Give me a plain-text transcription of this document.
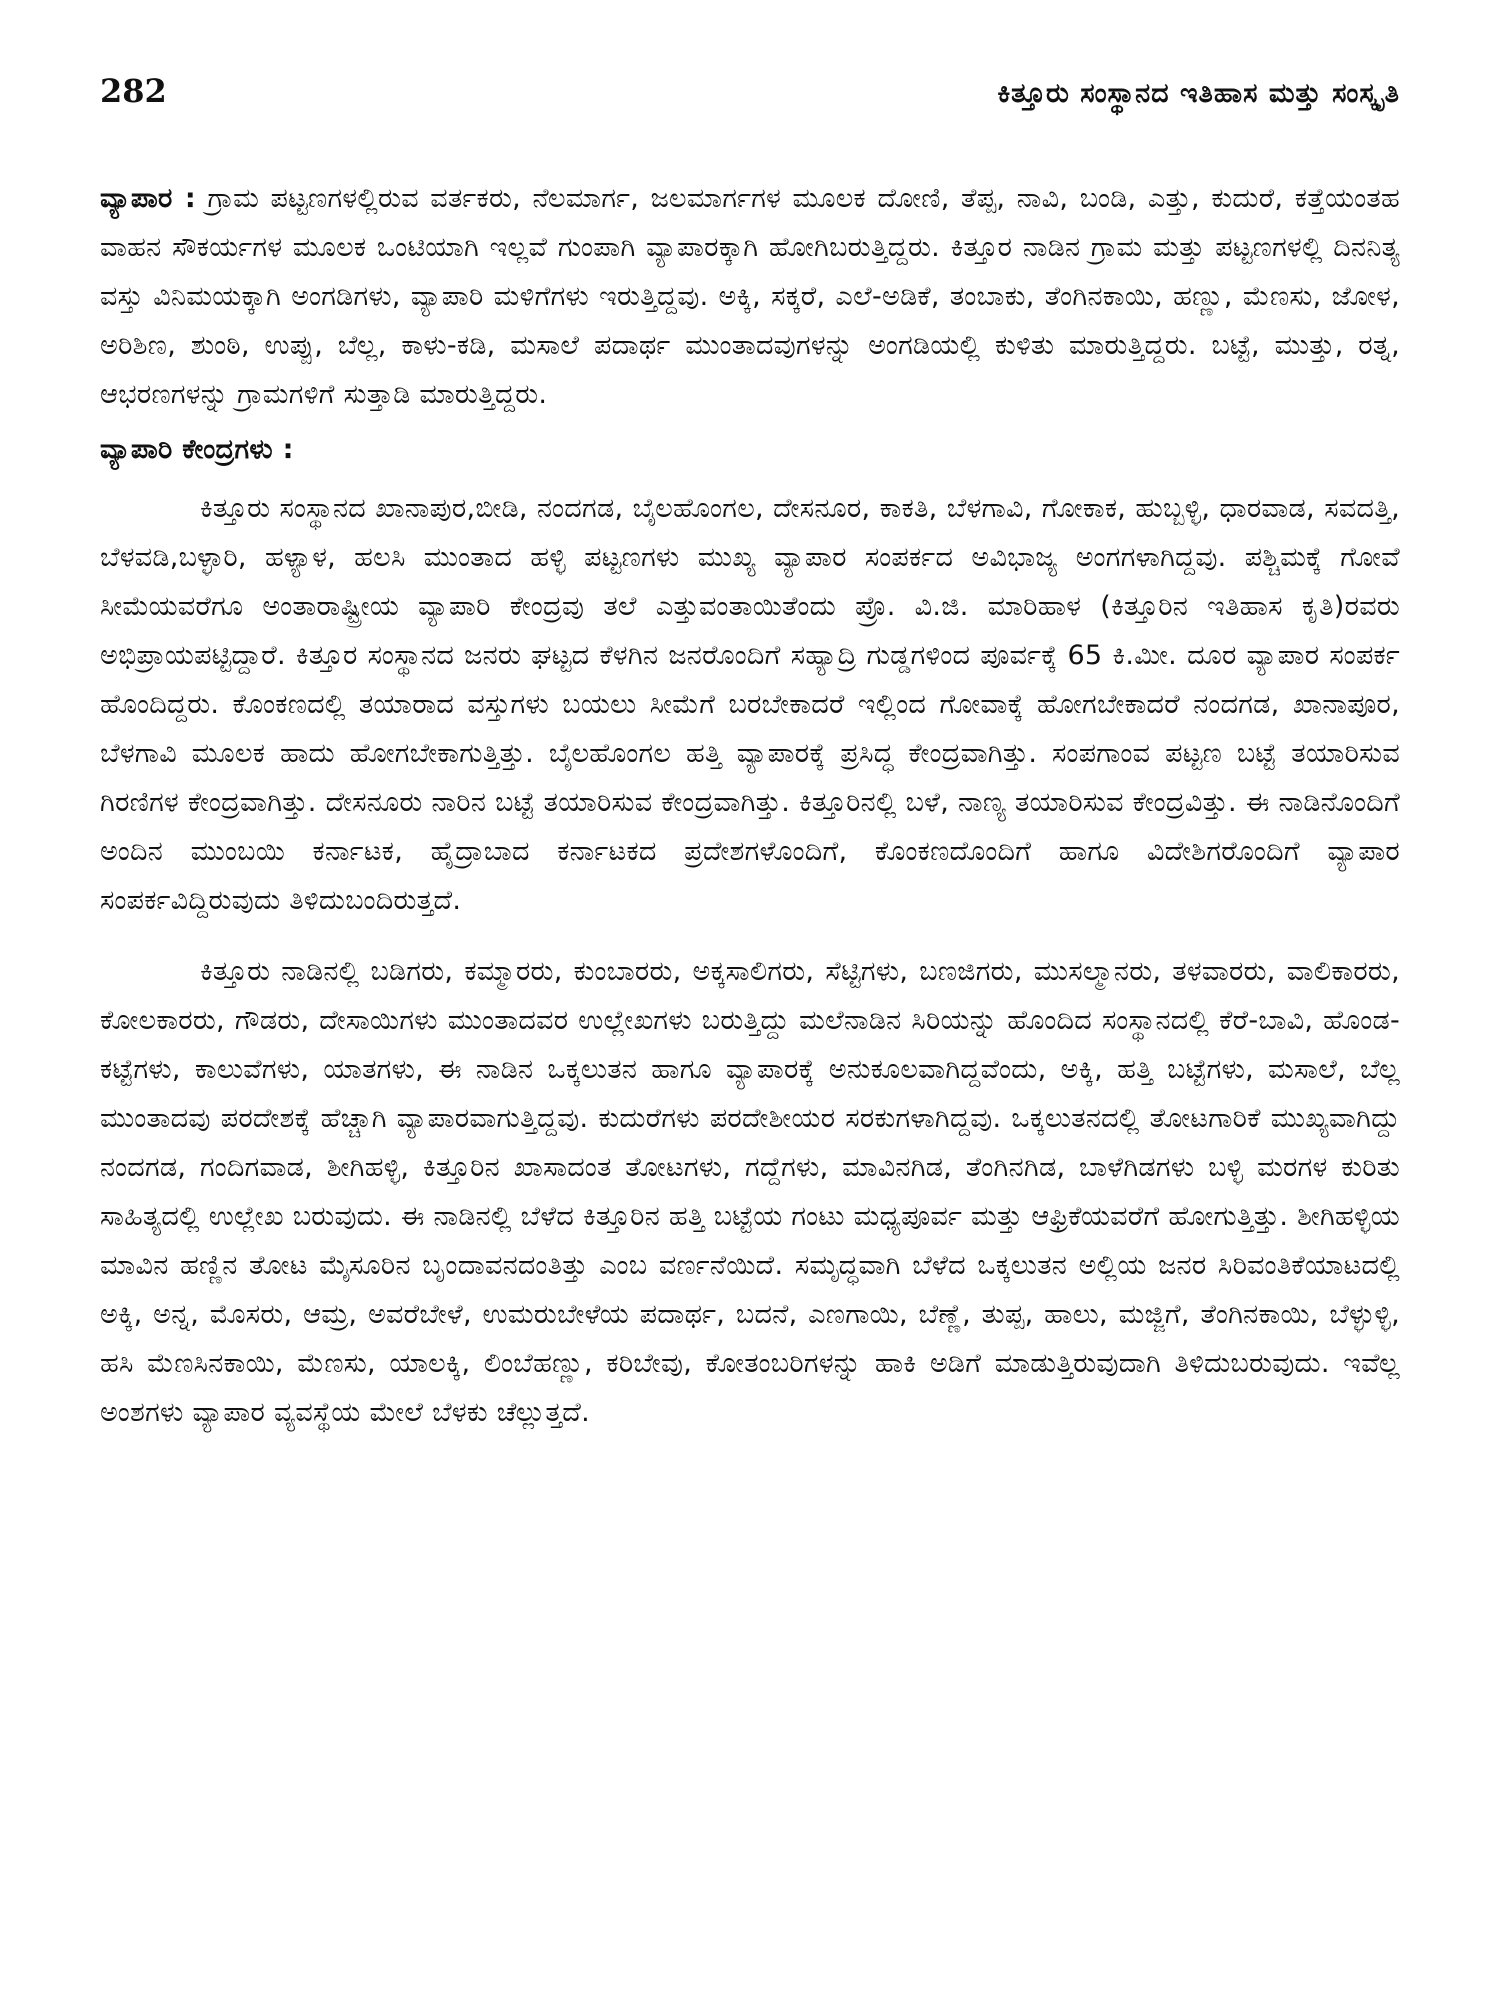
282	ಕಿತ್ತೂರು ಸಂಸ್ಥಾನದ ಇತಿಹಾಸ ಮತ್ತು ಸಂಸ್ಕೃತಿ

ವ್ಯಾಪಾರ : ಗ್ರಾಮ ಪಟ್ಟಣಗಳಲ್ಲಿರುವ ವರ್ತಕರು, ನೆಲಮಾರ್ಗ, ಜಲಮಾರ್ಗಗಳ ಮೂಲಕ ದೋಣಿ, ತೆಪ್ಪ, ನಾವಿ, ಬಂಡಿ, ಎತ್ತು, ಕುದುರೆ, ಕತ್ತೆಯಂತಹ ವಾಹನ ಸೌಕರ್ಯಗಳ ಮೂಲಕ ಒಂಟಿಯಾಗಿ ಇಲ್ಲವೆ ಗುಂಪಾಗಿ ವ್ಯಾಪಾರಕ್ಕಾಗಿ ಹೋಗಿಬರುತ್ತಿದ್ದರು. ಕಿತ್ತೂರ ನಾಡಿನ ಗ್ರಾಮ ಮತ್ತು ಪಟ್ಟಣಗಳಲ್ಲಿ ದಿನನಿತ್ಯ ವಸ್ತು ವಿನಿಮಯಕ್ಕಾಗಿ ಅಂಗಡಿಗಳು, ವ್ಯಾಪಾರಿ ಮಳಿಗೆಗಳು ಇರುತ್ತಿದ್ದವು. ಅಕ್ಕಿ, ಸಕ್ಕರೆ, ಎಲೆ-ಅಡಿಕೆ, ತಂಬಾಕು, ತೆಂಗಿನಕಾಯಿ, ಹಣ್ಣು, ಮೆಣಸು, ಜೋಳ, ಅರಿಶಿಣ, ಶುಂಠಿ, ಉಪ್ಪು, ಬೆಲ್ಲ, ಕಾಳು-ಕಡಿ, ಮಸಾಲೆ ಪದಾರ್ಥ ಮುಂತಾದವುಗಳನ್ನು ಅಂಗಡಿಯಲ್ಲಿ ಕುಳಿತು ಮಾರುತ್ತಿದ್ದರು. ಬಟ್ಟೆ, ಮುತ್ತು, ರತ್ನ, ಆಭರಣಗಳನ್ನು ಗ್ರಾಮಗಳಿಗೆ ಸುತ್ತಾಡಿ ಮಾರುತ್ತಿದ್ದರು.

ವ್ಯಾಪಾರಿ ಕೇಂದ್ರಗಳು :

ಕಿತ್ತೂರು ಸಂಸ್ಥಾನದ ಖಾನಾಪುರ,ಬೀಡಿ, ನಂದಗಡ, ಬೈಲಹೊಂಗಲ, ದೇಸನೂರ, ಕಾಕತಿ, ಬೆಳಗಾವಿ, ಗೋಕಾಕ, ಹುಬ್ಬಳ್ಳಿ, ಧಾರವಾಡ, ಸವದತ್ತಿ, ಬೆಳವಡಿ,ಬಳ್ಳಾರಿ, ಹಳ್ಯಾಳ, ಹಲಸಿ ಮುಂತಾದ ಹಳ್ಳಿ ಪಟ್ಟಣಗಳು ಮುಖ್ಯ ವ್ಯಾಪಾರ ಸಂಪರ್ಕದ ಅವಿಭಾಜ್ಯ ಅಂಗಗಳಾಗಿದ್ದವು. ಪಶ್ಚಿಮಕ್ಕೆ ಗೋವೆ ಸೀಮೆಯವರೆಗೂ ಅಂತಾರಾಷ್ಟ್ರೀಯ ವ್ಯಾಪಾರಿ ಕೇಂದ್ರವು ತಲೆ ಎತ್ತುವಂತಾಯಿತೆಂದು ಪ್ರೊ. ವಿ.ಜಿ. ಮಾರಿಹಾಳ (ಕಿತ್ತೂರಿನ ಇತಿಹಾಸ ಕೃತಿ)ರವರು ಅಭಿಪ್ರಾಯಪಟ್ಟಿದ್ದಾರೆ. ಕಿತ್ತೂರ ಸಂಸ್ಥಾನದ ಜನರು ಘಟ್ಟದ ಕೆಳಗಿನ ಜನರೊಂದಿಗೆ ಸಹ್ಯಾದ್ರಿ ಗುಡ್ಡಗಳಿಂದ ಪೂರ್ವಕ್ಕೆ 65 ಕಿ.ಮೀ. ದೂರ ವ್ಯಾಪಾರ ಸಂಪರ್ಕ ಹೊಂದಿದ್ದರು. ಕೊಂಕಣದಲ್ಲಿ ತಯಾರಾದ ವಸ್ತುಗಳು ಬಯಲು ಸೀಮೆಗೆ ಬರಬೇಕಾದರೆ ಇಲ್ಲಿಂದ ಗೋವಾಕ್ಕೆ ಹೋಗಬೇಕಾದರೆ ನಂದಗಡ, ಖಾನಾಪೂರ, ಬೆಳಗಾವಿ ಮೂಲಕ ಹಾದು ಹೋಗಬೇಕಾಗುತ್ತಿತ್ತು. ಬೈಲಹೊಂಗಲ ಹತ್ತಿ ವ್ಯಾಪಾರಕ್ಕೆ ಪ್ರಸಿದ್ಧ ಕೇಂದ್ರವಾಗಿತ್ತು. ಸಂಪಗಾಂವ ಪಟ್ಟಣ ಬಟ್ಟೆ ತಯಾರಿಸುವ ಗಿರಣಿಗಳ ಕೇಂದ್ರವಾಗಿತ್ತು. ದೇಸನೂರು ನಾರಿನ ಬಟ್ಟೆ ತಯಾರಿಸುವ ಕೇಂದ್ರವಾಗಿತ್ತು. ಕಿತ್ತೂರಿನಲ್ಲಿ ಬಳೆ, ನಾಣ್ಯ ತಯಾರಿಸುವ ಕೇಂದ್ರವಿತ್ತು. ಈ ನಾಡಿನೊಂದಿಗೆ ಅಂದಿನ ಮುಂಬಯಿ ಕರ್ನಾಟಕ, ಹೈದ್ರಾಬಾದ ಕರ್ನಾಟಕದ ಪ್ರದೇಶಗಳೊಂದಿಗೆ, ಕೊಂಕಣದೊಂದಿಗೆ ಹಾಗೂ ವಿದೇಶಿಗರೊಂದಿಗೆ ವ್ಯಾಪಾರ ಸಂಪರ್ಕವಿದ್ದಿರುವುದು ತಿಳಿದುಬಂದಿರುತ್ತದೆ.

ಕಿತ್ತೂರು ನಾಡಿನಲ್ಲಿ ಬಡಿಗರು, ಕಮ್ಮಾರರು, ಕುಂಬಾರರು, ಅಕ್ಕಸಾಲಿಗರು, ಸೆಟ್ಟಿಗಳು, ಬಣಜಿಗರು, ಮುಸಲ್ಮಾನರು, ತಳವಾರರು, ವಾಲಿಕಾರರು, ಕೋಲಕಾರರು, ಗೌಡರು, ದೇಸಾಯಿಗಳು ಮುಂತಾದವರ ಉಲ್ಲೇಖಗಳು ಬರುತ್ತಿದ್ದು ಮಲೆನಾಡಿನ ಸಿರಿಯನ್ನು ಹೊಂದಿದ ಸಂಸ್ಥಾನದಲ್ಲಿ ಕೆರೆ-ಬಾವಿ, ಹೊಂಡ-ಕಟ್ಟೆಗಳು, ಕಾಲುವೆಗಳು, ಯಾತಗಳು, ಈ ನಾಡಿನ ಒಕ್ಕಲುತನ ಹಾಗೂ ವ್ಯಾಪಾರಕ್ಕೆ ಅನುಕೂಲವಾಗಿದ್ದವೆಂದು, ಅಕ್ಕಿ, ಹತ್ತಿ ಬಟ್ಟೆಗಳು, ಮಸಾಲೆ, ಬೆಲ್ಲ ಮುಂತಾದವು ಪರದೇಶಕ್ಕೆ ಹೆಚ್ಚಾಗಿ ವ್ಯಾಪಾರವಾಗುತ್ತಿದ್ದವು. ಕುದುರೆಗಳು ಪರದೇಶೀಯರ ಸರಕುಗಳಾಗಿದ್ದವು. ಒಕ್ಕಲುತನದಲ್ಲಿ ತೋಟಗಾರಿಕೆ ಮುಖ್ಯವಾಗಿದ್ದು ನಂದಗಡ, ಗಂದಿಗವಾಡ, ಶೀಗಿಹಳ್ಳಿ, ಕಿತ್ತೂರಿನ ಖಾಸಾದಂತ ತೋಟಗಳು, ಗದ್ದೆಗಳು, ಮಾವಿನಗಿಡ, ತೆಂಗಿನಗಿಡ, ಬಾಳೆಗಿಡಗಳು ಬಳ್ಳಿ ಮರಗಳ ಕುರಿತು ಸಾಹಿತ್ಯದಲ್ಲಿ ಉಲ್ಲೇಖ ಬರುವುದು. ಈ ನಾಡಿನಲ್ಲಿ ಬೆಳೆದ ಕಿತ್ತೂರಿನ ಹತ್ತಿ ಬಟ್ಟೆಯ ಗಂಟು ಮಧ್ಯಪೂರ್ವ ಮತ್ತು ಆಫ್ರಿಕೆಯವರೆಗೆ ಹೋಗುತ್ತಿತ್ತು. ಶೀಗಿಹಳ್ಳಿಯ ಮಾವಿನ ಹಣ್ಣಿನ ತೋಟ ಮೈಸೂರಿನ ಬೃಂದಾವನದಂತಿತ್ತು ಎಂಬ ವರ್ಣನೆಯಿದೆ. ಸಮೃದ್ಧವಾಗಿ ಬೆಳೆದ ಒಕ್ಕಲುತನ ಅಲ್ಲಿಯ ಜನರ ಸಿರಿವಂತಿಕೆಯಾಟದಲ್ಲಿ ಅಕ್ಕಿ, ಅನ್ನ, ಮೊಸರು, ಆಮ್ರ, ಅವರೆಬೇಳೆ, ಉಮರುಬೇಳೆಯ ಪದಾರ್ಥ, ಬದನೆ, ಎಣಗಾಯಿ, ಬೆಣ್ಣೆ, ತುಪ್ಪ, ಹಾಲು, ಮಜ್ಜಿಗೆ, ತೆಂಗಿನಕಾಯಿ, ಬೆಳ್ಳುಳ್ಳಿ, ಹಸಿ ಮೆಣಸಿನಕಾಯಿ, ಮೆಣಸು, ಯಾಲಕ್ಕಿ, ಲಿಂಬೆಹಣ್ಣು, ಕರಿಬೇವು, ಕೋತಂಬರಿಗಳನ್ನು ಹಾಕಿ ಅಡಿಗೆ ಮಾಡುತ್ತಿರುವುದಾಗಿ ತಿಳಿದುಬರುವುದು. ಇವೆಲ್ಲ ಅಂಶಗಳು ವ್ಯಾಪಾರ ವ್ಯವಸ್ಥೆಯ ಮೇಲೆ ಬೆಳಕು ಚೆಲ್ಲುತ್ತದೆ.
